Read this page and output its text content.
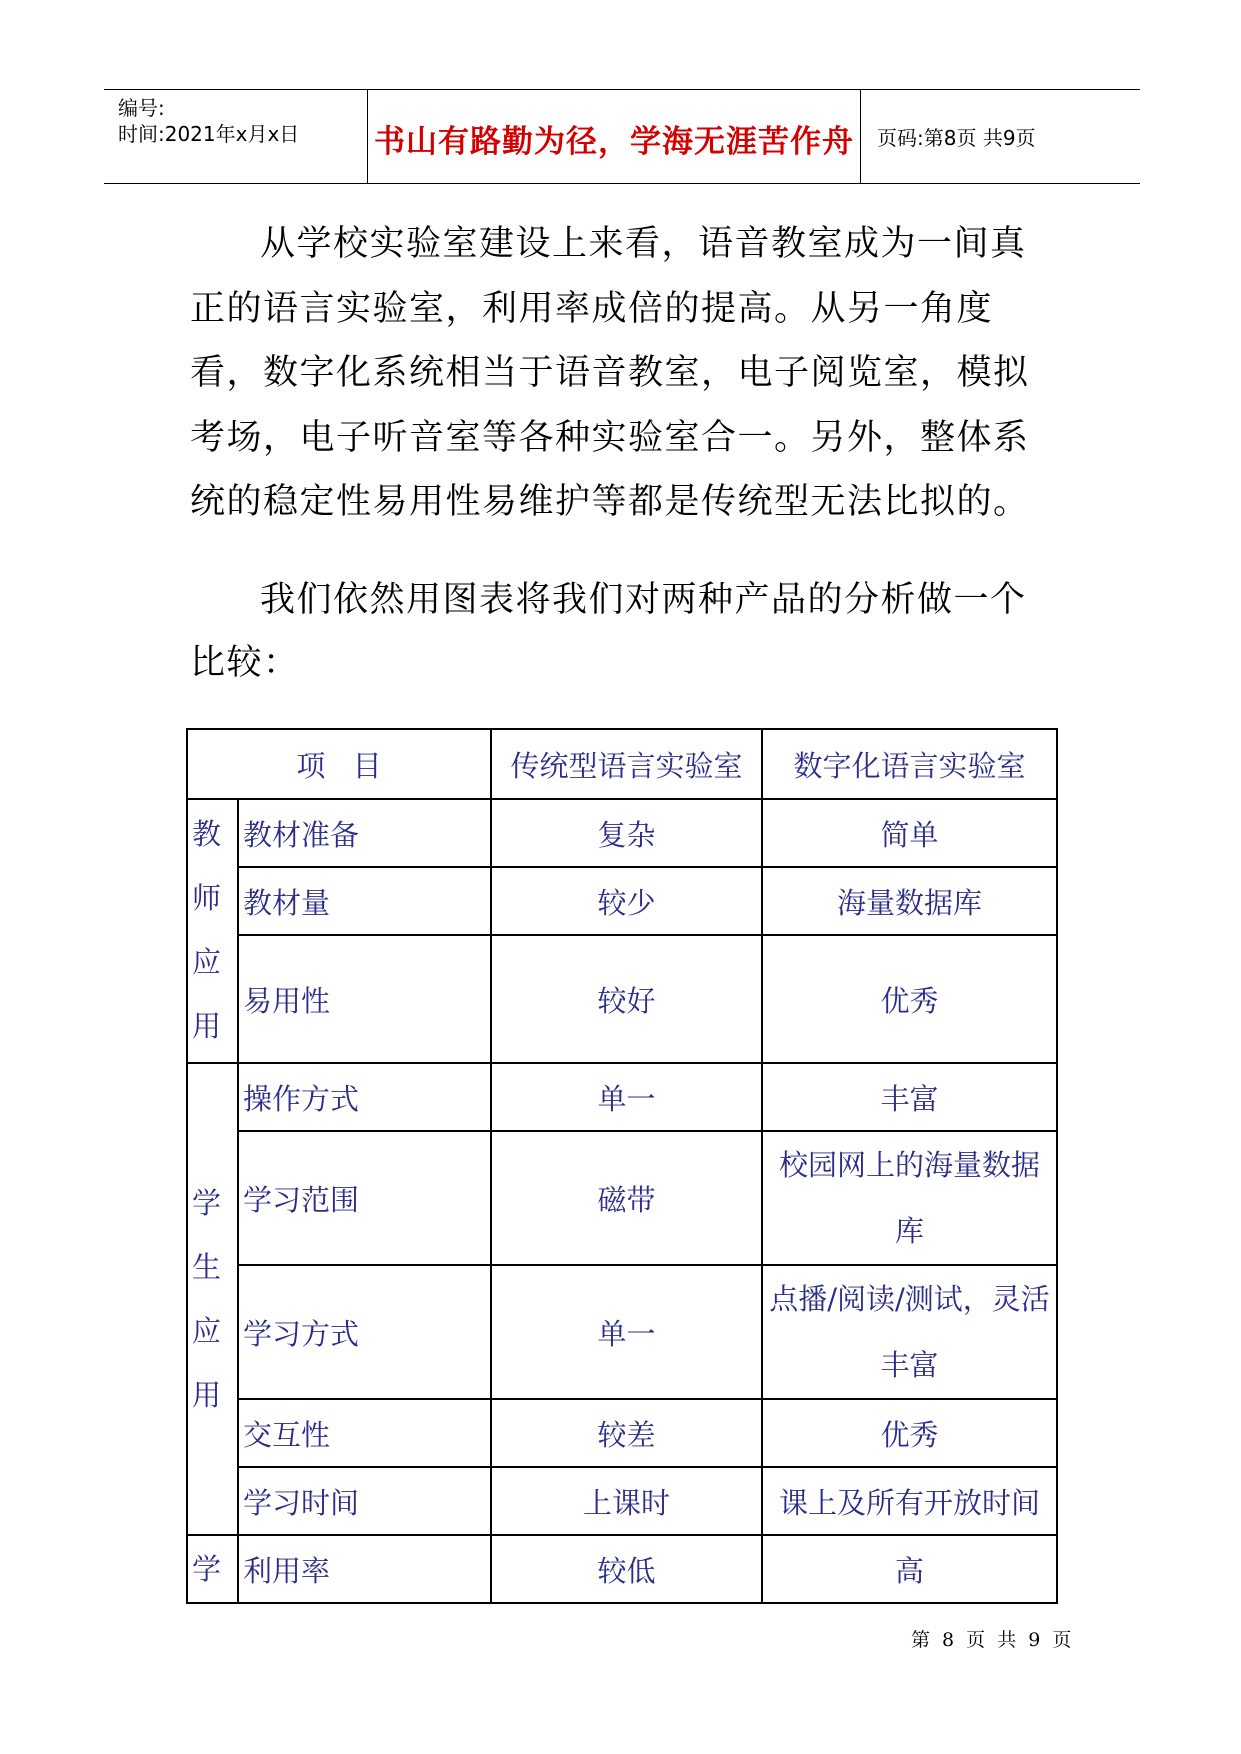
编号:
时间:2021年x月x日 书山有路勤为径，学海无涯苦作舟 页码:第8页 共9页
从学校实验室建设上来看，语音教室成为一间真正的语言实验室，利用率成倍的提高。从另一角度看，数字化系统相当于语音教室，电子阅览室，模拟考场，电子听音室等各种实验室合一。另外，整体系统的稳定性易用性易维护等都是传统型无法比拟的。
我们依然用图表将我们对两种产品的分析做一个比较：
项 目		传统型语言实验室	数字化语言实验室

教
师
应
用	教材准备	复杂	简单
	教材量	较少	海量数据库
	易用性	较好	优秀

学
生
应
用	操作方式	单一	丰富
	学习范围	磁带	校园网上的海量数据库
	学习方式	单一	点播/阅读/测试，灵活丰富
	交互性	较差	优秀
	学习时间	上课时	课上及所有开放时间

学	利用率	较低	高
第 8 页 共 9 页
